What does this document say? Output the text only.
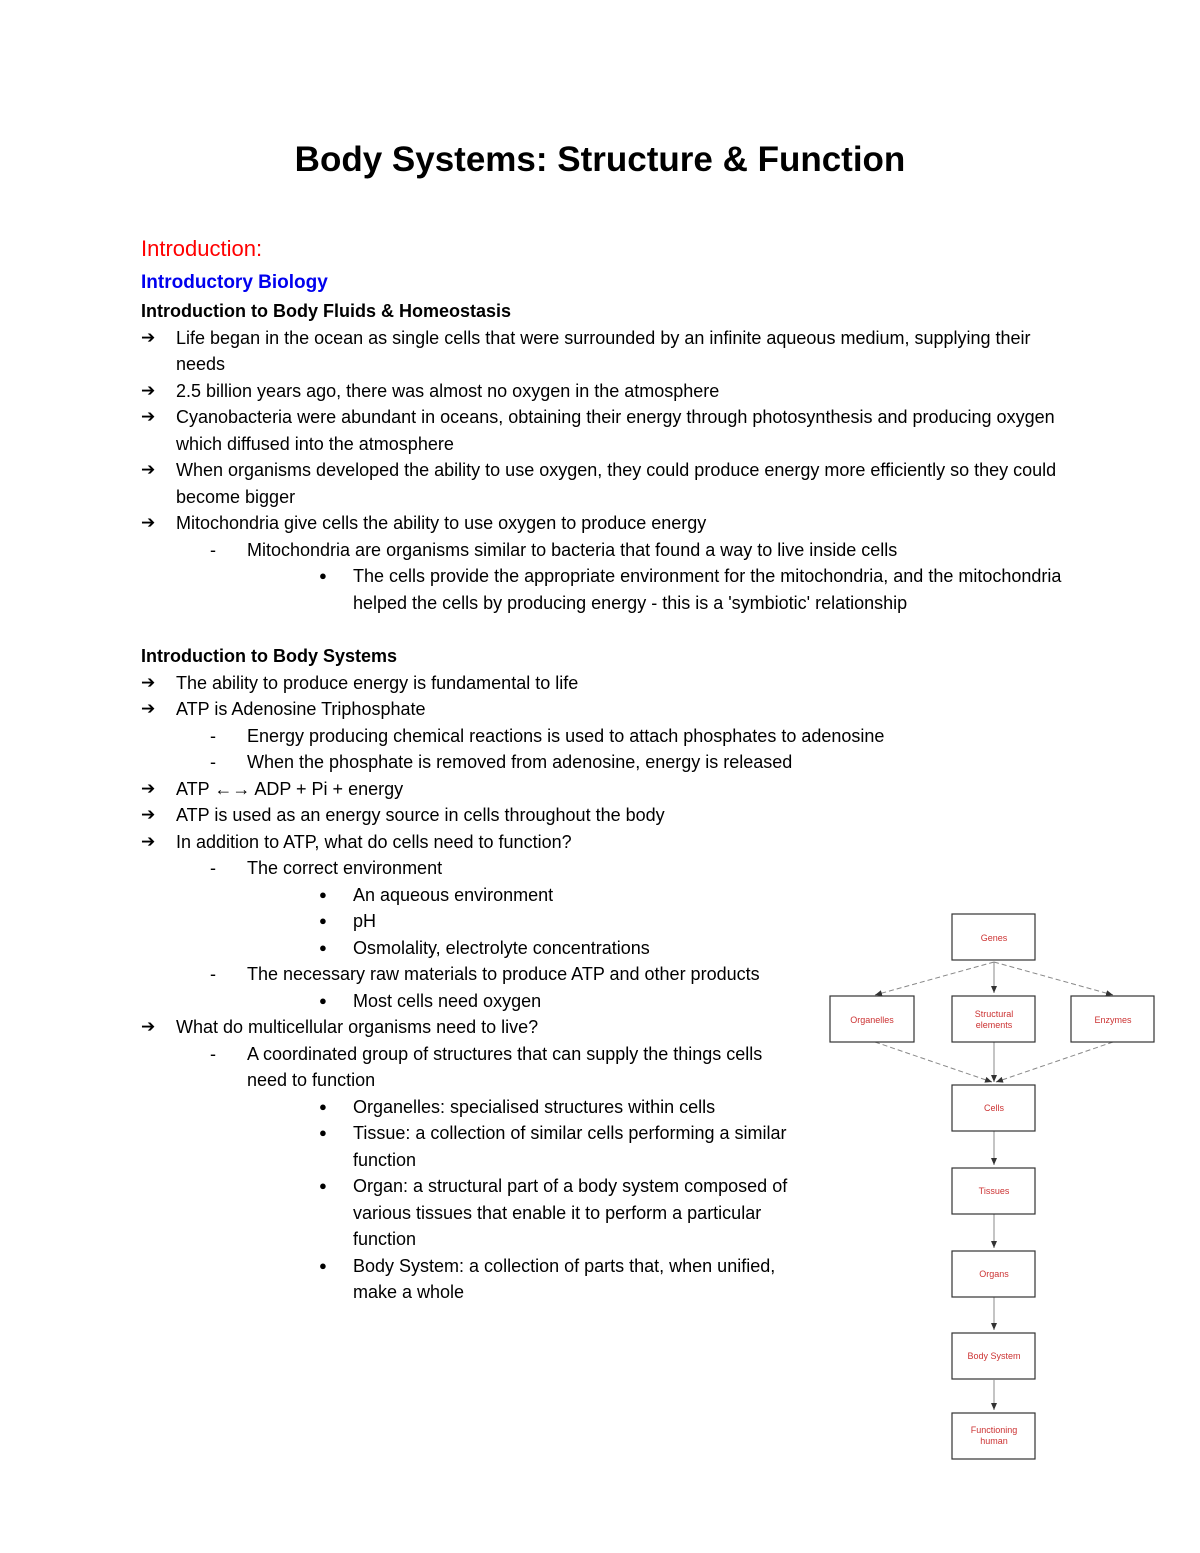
Body Systems: Structure & Function
Introduction:
Introductory Biology
Introduction to Body Fluids & Homeostasis
➔ Life began in the ocean as single cells that were surrounded by an infinite aqueous medium, supplying their needs
➔ 2.5 billion years ago, there was almost no oxygen in the atmosphere
➔ Cyanobacteria were abundant in oceans, obtaining their energy through photosynthesis and producing oxygen which diffused into the atmosphere
➔ When organisms developed the ability to use oxygen, they could produce energy more efficiently so they could become bigger
➔ Mitochondria give cells the ability to use oxygen to produce energy
- Mitochondria are organisms similar to bacteria that found a way to live inside cells
● The cells provide the appropriate environment for the mitochondria, and the mitochondria helped the cells by producing energy - this is a 'symbiotic' relationship
Introduction to Body Systems
➔ The ability to produce energy is fundamental to life
➔ ATP is Adenosine Triphosphate
- Energy producing chemical reactions is used to attach phosphates to adenosine
- When the phosphate is removed from adenosine, energy is released
➔ ATP ←→ ADP + Pi + energy
➔ ATP is used as an energy source in cells throughout the body
➔ In addition to ATP, what do cells need to function?
- The correct environment
● An aqueous environment
● pH
● Osmolality, electrolyte concentrations
- The necessary raw materials to produce ATP and other products
● Most cells need oxygen
➔ What do multicellular organisms need to live?
- A coordinated group of structures that can supply the things cells need to function
● Organelles: specialised structures within cells
● Tissue: a collection of similar cells performing a similar function
● Organ: a structural part of a body system composed of various tissues that enable it to perform a particular function
● Body System: a collection of parts that, when unified, make a whole
Genes
Organelles
Structural
elements	Enzymes
Cells
Tissues
Organs
Body System
Functioning
human
